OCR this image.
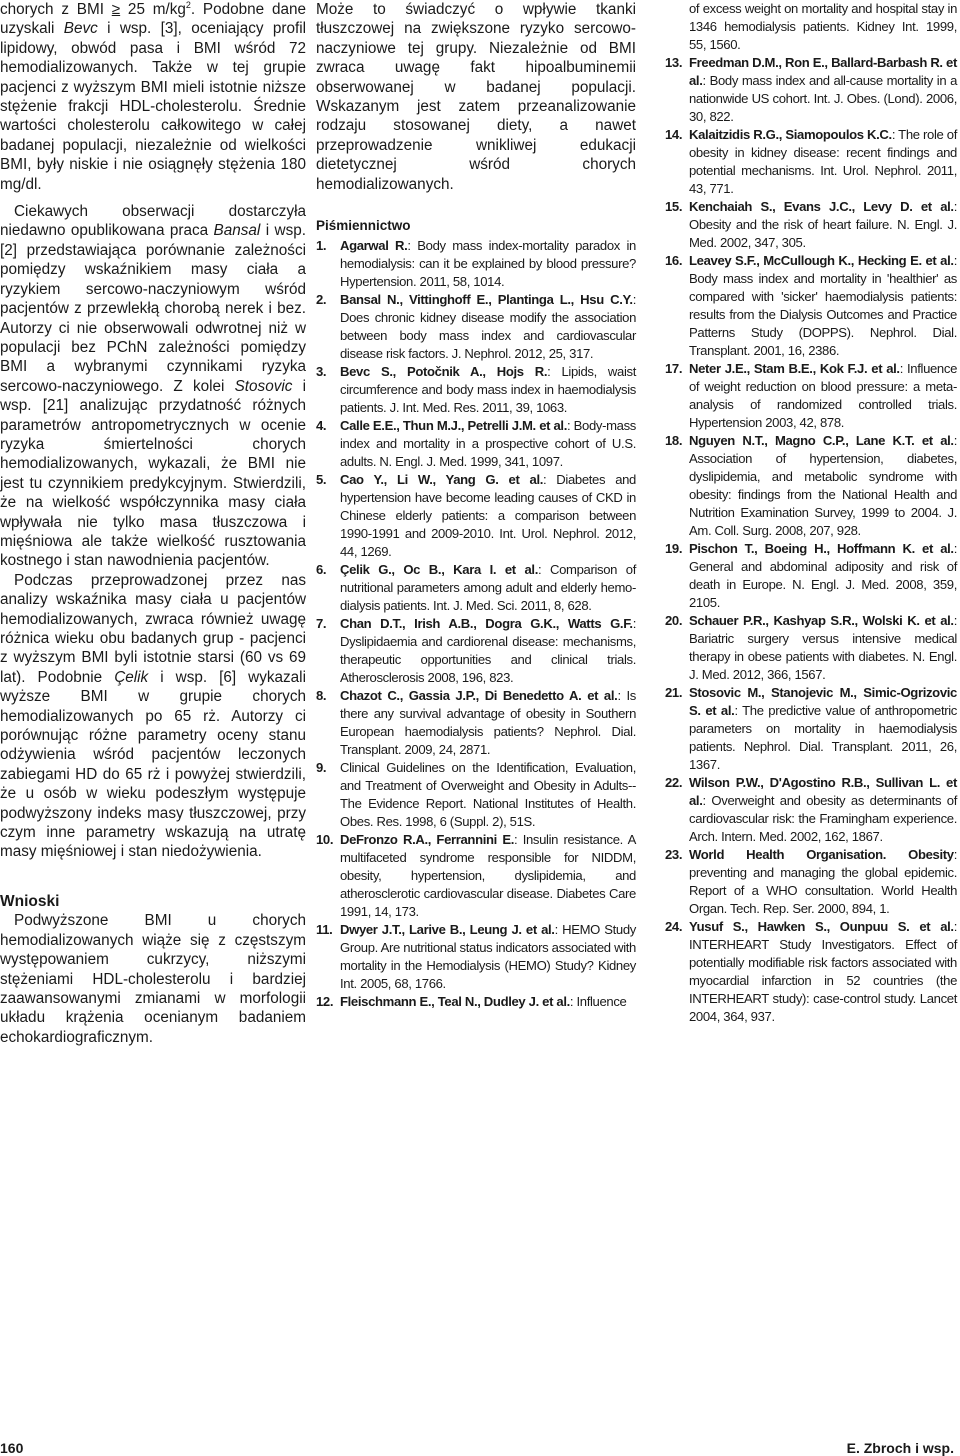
chorych z BMI ≥ 25 $m/kg^2$. Podobne dane uzyskali Bevc i wsp. [3], oceniający profil lipidowy, obwód pasa i BMI wśród 72 hemodializowanych. Także w tej grupie pacjenci z wyższym BMI mieli istotnie niższe stężenie frakcji HDL-cholesterolu. Średnie wartości cholesterolu całkowitego w całej badanej populacji, niezależnie od wielkości BMI, były niskie i nie osiągnęły stężenia 180 mg/dl.

Ciekawych obserwacji dostarczyła niedawno opublikowana praca Bansal i wsp. [2] przedstawiająca porównanie zależności pomiędzy wskaźnikiem masy ciała a ryzykiem sercowo-naczyniowym wśród pacjentów z przewlekłą chorobą nerek i bez. Autorzy ci nie obserwowali odwrotnej niż w populacji bez PChN zależności pomiędzy BMI a wybranymi czynnikami ryzyka sercowo-naczyniowego. Z kolei Stosovic i wsp. [21] analizując przydatność różnych parametrów antropometrycznych w ocenie ryzyka śmiertelności chorych hemodializowanych, wykazali, że BMI nie jest tu czynnikiem predykcyjnym. Stwierdzili, że na wielkość współczynnika masy ciała wpływała nie tylko masa tłuszczowa i mięśniowa ale także wielkość rusztowania kostnego i stan nawodnienia pacjentów.

Podczas przeprowadzonej przez nas analizy wskaźnika masy ciała u pacjentów hemodializowanych, zwraca również uwagę różnica wieku obu badanych grup - pacjenci z wyższym BMI byli istotnie starsi (60 vs 69 lat). Podobnie Çelik i wsp. [6] wykazali wyższe BMI w grupie chorych hemodializowanych po 65 rż. Autorzy ci porównując różne parametry oceny stanu odżywienia wśród pacjentów leczonych zabiegami HD do 65 rż i powyżej stwierdzili, że u osób w wieku podeszłym występuje podwyższony indeks masy tłuszczowej, przy czym inne parametry wskazują na utratę masy mięśniowej i stan niedożywienia.

Wnioski

Podwyższone BMI u chorych hemodializowanych wiąże się z częstszym występowaniem cukrzycy, niższymi stężeniami HDL-cholesterolu i bardziej zaawansowanymi zmianami w morfologii układu krążenia ocenianym badaniem echokardiograficznym.

Może to świadczyć o wpływie tkanki tłuszczowej na zwiększone ryzyko sercowo-naczyniowe tej grupy. Niezależnie od BMI zwraca uwagę fakt hipoalbuminemii obserwowanej w badanej populacji. Wskazanym jest zatem przeanalizowanie rodzaju stosowanej diety, a nawet przeprowadzenie wnikliwej edukacji dietetycznej wśród chorych hemodializowanych.

Piśmiennictwo

1.	Agarwal R.: Body mass index-mortality paradox in hemodialysis: can it be explained by blood pressure? Hypertension. 2011, 58, 1014.
2.	Bansal N., Vittinghoff E., Plantinga L., Hsu C.Y.: Does chronic kidney disease modify the association between body mass index and cardiovascular disease risk factors. J. Nephrol. 2012, 25, 317.
3.	Bevc S., Potočnik A., Hojs R.: Lipids, waist circumference and body mass index in haemodialysis patients. J. Int. Med. Res. 2011, 39, 1063.
4.	Calle E.E., Thun M.J., Petrelli J.M. et al.: Body-mass index and mortality in a prospective cohort of U.S. adults. N. Engl. J. Med. 1999, 341, 1097.
5.	Cao Y., Li W., Yang G. et al.: Diabetes and hypertension have become leading causes of CKD in Chinese elderly patients: a comparison between 1990-1991 and 2009-2010. Int. Urol. Nephrol. 2012, 44, 1269.
6.	Çelik G., Oc B., Kara I. et al.: Comparison of nutritional parameters among adult and elderly hemo-dialysis patients. Int. J. Med. Sci. 2011, 8, 628.
7.	Chan D.T., Irish A.B., Dogra G.K., Watts G.F.: Dyslipidaemia and cardiorenal disease: mechanisms, therapeutic opportunities and clinical trials. Atherosclerosis 2008, 196, 823.
8.	Chazot C., Gassia J.P., Di Benedetto A. et al.: Is there any survival advantage of obesity in Southern European haemodialysis patients? Nephrol. Dial. Transplant. 2009, 24, 2871.
9.	Clinical Guidelines on the Identification, Evaluation, and Treatment of Overweight and Obesity in Adults--The Evidence Report. National Institutes of Health. Obes. Res. 1998, 6 (Suppl. 2), 51S.
10. DeFronzo R.A., Ferrannini E.: Insulin resistance. A multifaceted syndrome responsible for NIDDM, obesity, hypertension, dyslipidemia, and atherosclerotic cardiovascular disease. Diabetes Care 1991, 14, 173.
11. Dwyer J.T., Larive B., Leung J. et al.: HEMO Study Group. Are nutritional status indicators associated with mortality in the Hemodialysis (HEMO) Study? Kidney Int. 2005, 68, 1766.
12. Fleischmann E., Teal N., Dudley J. et al.: Influence

of excess weight on mortality and hospital stay in 1346 hemodialysis patients. Kidney Int. 1999, 55, 1560.

13. Freedman D.M., Ron E., Ballard-Barbash R. et al.: Body mass index and all-cause mortality in a nationwide US cohort. Int. J. Obes. (Lond). 2006, 30, 822.
14. Kalaitzidis R.G., Siamopoulos K.C.: The role of obesity in kidney disease: recent findings and potential mechanisms. Int. Urol. Nephrol. 2011, 43, 771.
15. Kenchaiah S., Evans J.C., Levy D. et al.: Obesity and the risk of heart failure. N. Engl. J. Med. 2002, 347, 305.
16. Leavey S.F., McCullough K., Hecking E. et al.: Body mass index and mortality in 'healthier' as compared with 'sicker' haemodialysis patients: results from the Dialysis Outcomes and Practice Patterns Study (DOPPS). Nephrol. Dial. Transplant. 2001, 16, 2386.
17. Neter J.E., Stam B.E., Kok F.J. et al.: Influence of weight reduction on blood pressure: a meta-analysis of randomized controlled trials. Hypertension 2003, 42, 878.
18. Nguyen N.T., Magno C.P., Lane K.T. et al.: Association of hypertension, diabetes, dyslipidemia, and metabolic syndrome with obesity: findings from the National Health and Nutrition Examination Survey, 1999 to 2004. J. Am. Coll. Surg. 2008, 207, 928.
19. Pischon T., Boeing H., Hoffmann K. et al.: General and abdominal adiposity and risk of death in Europe. N. Engl. J. Med. 2008, 359, 2105.
20. Schauer P.R., Kashyap S.R., Wolski K. et al.: Bariatric surgery versus intensive medical therapy in obese patients with diabetes. N. Engl. J. Med. 2012, 366, 1567.
21. Stosovic M., Stanojevic M., Simic-Ogrizovic S. et al.: The predictive value of anthropometric parameters on mortality in haemodialysis patients. Nephrol. Dial. Transplant. 2011, 26, 1367.
22. Wilson P.W., D'Agostino R.B., Sullivan L. et al.: Overweight and obesity as determinants of cardiovascular risk: the Framingham experience. Arch. Intern. Med. 2002, 162, 1867.
23. World Health Organisation. Obesity: preventing and managing the global epidemic. Report of a WHO consultation. World Health Organ. Tech. Rep. Ser. 2000, 894, 1.
24. Yusuf S., Hawken S., Ounpuu S. et al.: INTERHEART Study Investigators. Effect of potentially modifiable risk factors associated with myocardial infarction in 52 countries (the INTERHEART study): case-control study. Lancet 2004, 364, 937.
160	E. Zbroch i wsp.
